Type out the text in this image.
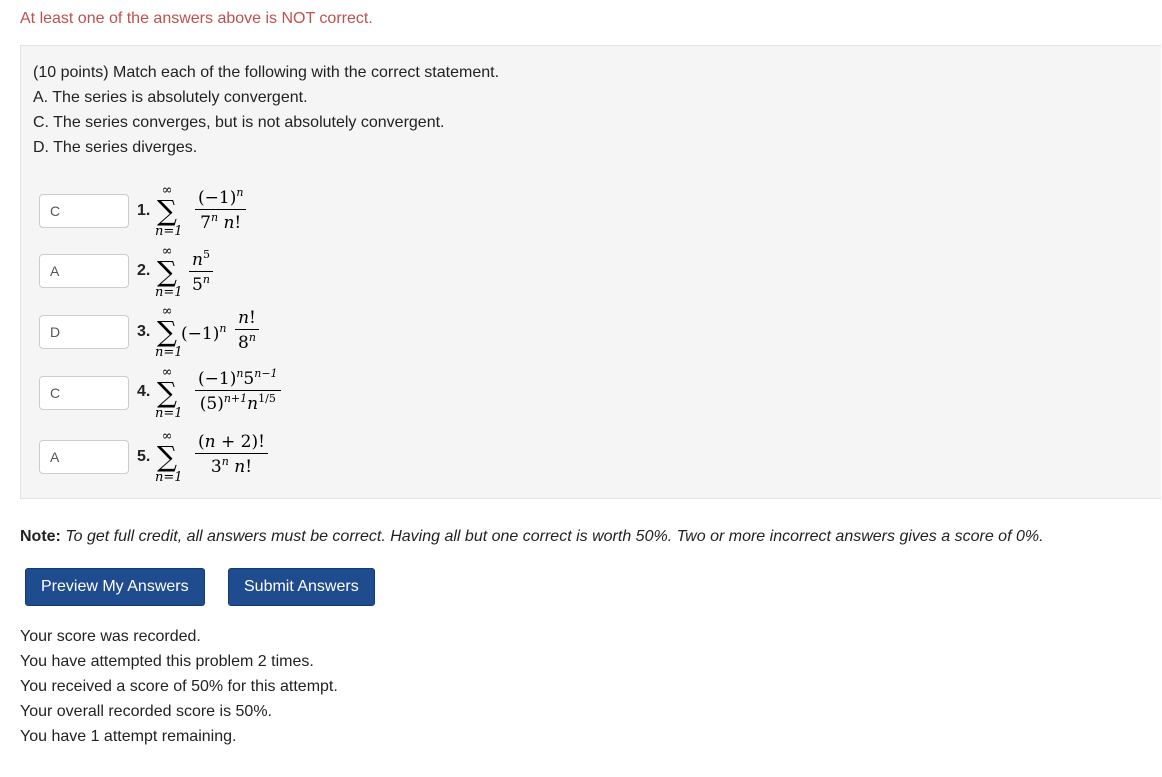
At least one of the answers above is NOT correct.
(10 points) Match each of the following with the correct statement.
A. The series is absolutely convergent.
C. The series converges, but is not absolutely convergent.
D. The series diverges.
C
1.
∞
∑
$n=1 \frac{(-1)^n}{7^n n!}$
A
2.
∞
∑
$n=1 \frac{n^5}{5^n}$
D
3.
∞
∑
n=1
$(-1)^n \frac{n!}{8^n}$
C
4.
∞
∑
$n=1 \frac{(-1)^n5^{n-1}}{(5)^{n+1}n^{1/5}}$
A
5.
∞
∑
n=1
$\frac{(n + 2)!}{3^n n!}$
Note: To get full credit, all answers must be correct. Having all but one correct is worth 50%. Two or more incorrect answers gives a score of 0%.
Preview My Answers	Submit Answers
Your score was recorded.
You have attempted this problem 2 times.
You received a score of 50% for this attempt.
Your overall recorded score is 50%.
You have 1 attempt remaining.
